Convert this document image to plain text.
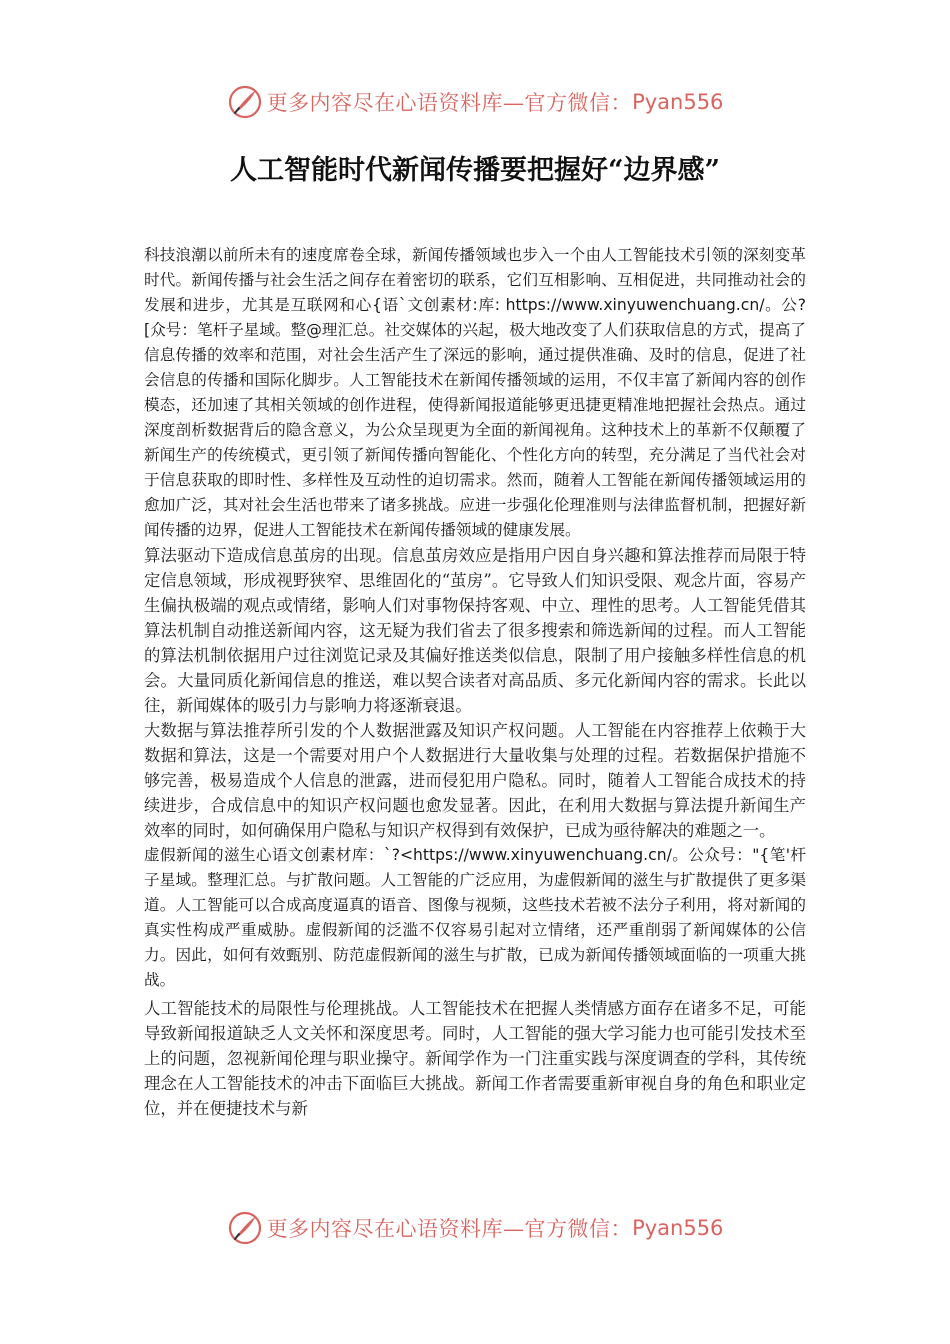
更多内容尽在心语资料库—官方微信： Pyan556
人工智能时代新闻传播要把握好“边界感”

科技浪潮以前所未有的速度席卷全球，新闻传播领域也步入一个由人工智能技术引领的深刻变革时代。新闻传播与社会生活之间存在着密切的联系，它们互相影响、互相促进，共同推动社会的发展和进步，尤其是互联网和心{语`文创素材:库: https://www.xinyuwenchuang.cn/。公?[众号：笔杆子星域。整@理汇总。社交媒体的兴起，极大地改变了人们获取信息的方式，提高了信息传播的效率和范围，对社会生活产生了深远的影响，通过提供准确、及时的信息，促进了社会信息的传播和国际化脚步。人工智能技术在新闻传播领域的运用，不仅丰富了新闻内容的创作模态，还加速了其相关领域的创作进程，使得新闻报道能够更迅捷更精准地把握社会热点。通过深度剖析数据背后的隐含意义，为公众呈现更为全面的新闻视角。这种技术上的革新不仅颠覆了新闻生产的传统模式，更引领了新闻传播向智能化、个性化方向的转型，充分满足了当代社会对于信息获取的即时性、多样性及互动性的迫切需求。然而，随着人工智能在新闻传播领域运用的愈加广泛，其对社会生活也带来了诸多挑战。应进一步强化伦理准则与法律监督机制，把握好新闻传播的边界，促进人工智能技术在新闻传播领域的健康发展。

算法驱动下造成信息茧房的出现。信息茧房效应是指用户因自身兴趣和算法推荐而局限于特定信息领域，形成视野狭窄、思维固化的“茧房”。它导致人们知识受限、观念片面，容易产生偏执极端的观点或情绪，影响人们对事物保持客观、中立、理性的思考。人工智能凭借其算法机制自动推送新闻内容，这无疑为我们省去了很多搜索和筛选新闻的过程。而人工智能的算法机制依据用户过往浏览记录及其偏好推送类似信息，限制了用户接触多样性信息的机会。大量同质化新闻信息的推送，难以契合读者对高品质、多元化新闻内容的需求。长此以往，新闻媒体的吸引力与影响力将逐渐衰退。

大数据与算法推荐所引发的个人数据泄露及知识产权问题。人工智能在内容推荐上依赖于大数据和算法，这是一个需要对用户个人数据进行大量收集与处理的过程。若数据保护措施不够完善，极易造成个人信息的泄露，进而侵犯用户隐私。同时，随着人工智能合成技术的持续进步，合成信息中的知识产权问题也愈发显著。因此，在利用大数据与算法提升新闻生产效率的同时，如何确保用户隐私与知识产权得到有效保护，已成为亟待解决的难题之一。

虚假新闻的滋生心语文创素材库：`?<https://www.xinyuwenchuang.cn/。公众号："{笔'杆子星域。整理汇总。与扩散问题。人工智能的广泛应用，为虚假新闻的滋生与扩散提供了更多渠道。人工智能可以合成高度逼真的语音、图像与视频，这些技术若被不法分子利用，将对新闻的真实性构成严重威胁。虚假新闻的泛滥不仅容易引起对立情绪，还严重削弱了新闻媒体的公信力。因此，如何有效甄别、防范虚假新闻的滋生与扩散，已成为新闻传播领域面临的一项重大挑战。

人工智能技术的局限性与伦理挑战。人工智能技术在把握人类情感方面存在诸多不足，可能导致新闻报道缺乏人文关怀和深度思考。同时，人工智能的强大学习能力也可能引发技术至上的问题，忽视新闻伦理与职业操守。新闻学作为一门注重实践与深度调查的学科，其传统理念在人工智能技术的冲击下面临巨大挑战。新闻工作者需要重新审视自身的角色和职业定位，并在便捷技术与新

更多内容尽在心语资料库—官方微信： Pyan556
